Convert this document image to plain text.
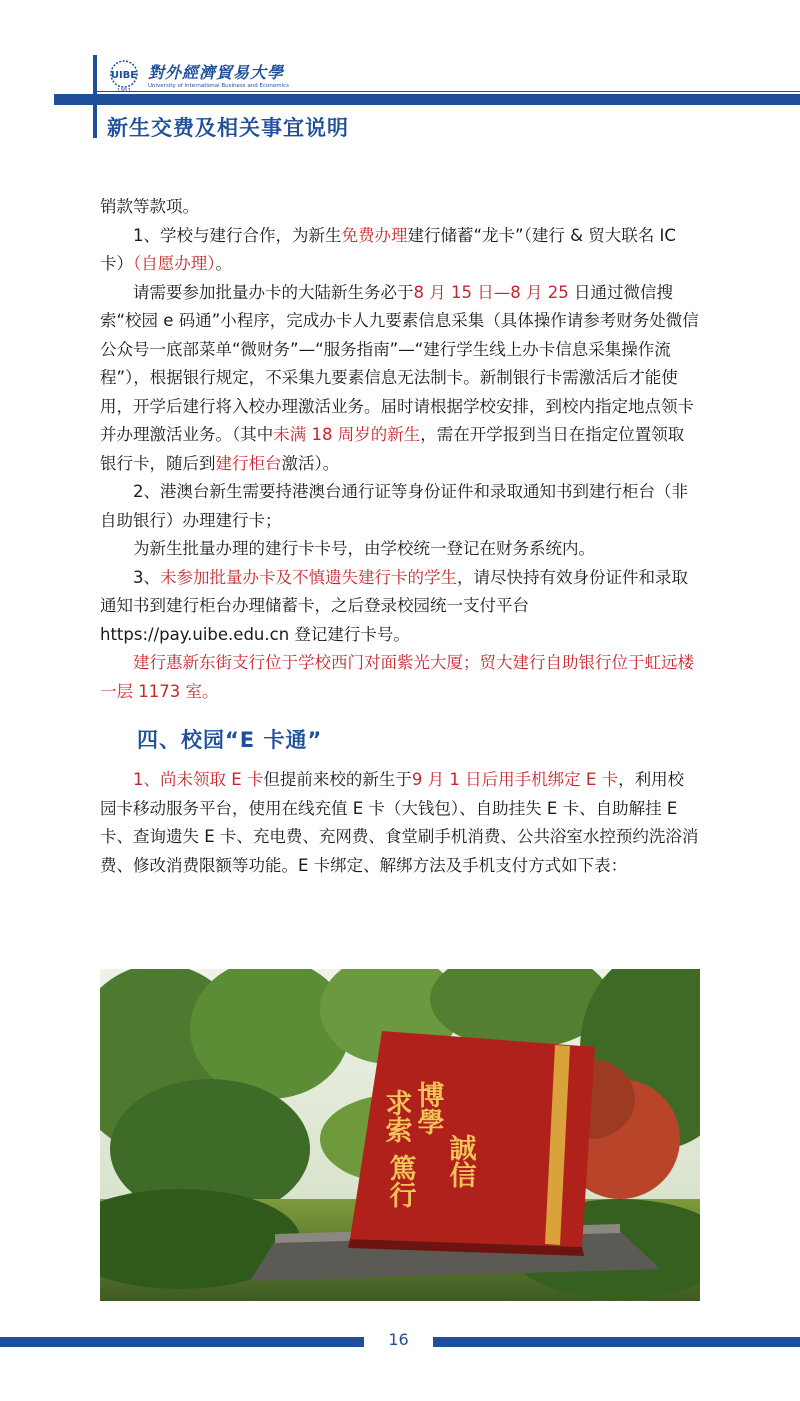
UIBE 對外經濟貿易大學
University of International Business and Economics
新生交费及相关事宜说明

销款等款项。

1、学校与建行合作，为新生免费办理建行储蓄“龙卡”（建行 & 贸大联名 IC 卡）（自愿办理）。

请需要参加批量办卡的大陆新生务必于8 月 15 日—8 月 25 日通过微信搜索“校园 e 码通”小程序，完成办卡人九要素信息采集（具体操作请参考财务处微信公众号一底部菜单“微财务”—“服务指南”—“建行学生线上办卡信息采集操作流程”），根据银行规定，不采集九要素信息无法制卡。新制银行卡需激活后才能使用，开学后建行将入校办理激活业务。届时请根据学校安排，到校内指定地点领卡并办理激活业务。（其中未满 18 周岁的新生，需在开学报到当日在指定位置领取银行卡，随后到建行柜台激活）。

2、港澳台新生需要持港澳台通行证等身份证件和录取通知书到建行柜台（非自助银行）办理建行卡；

为新生批量办理的建行卡卡号，由学校统一登记在财务系统内。

3、未参加批量办卡及不慎遗失建行卡的学生，请尽快持有效身份证件和录取通知书到建行柜台办理储蓄卡，之后登录校园统一支付平台 https://pay.uibe.edu.cn 登记建行卡号。

建行惠新东街支行位于学校西门对面紫光大厦；贸大建行自助银行位于虹远楼一层 1173 室。

四、校园“E 卡通”

1、尚未领取 E 卡但提前来校的新生于9 月 1 日后用手机绑定 E 卡，利用校园卡移动服务平台，使用在线充值 E 卡（大钱包）、自助挂失 E 卡、自助解挂 E 卡、查询遗失 E 卡、充电费、充网费、食堂刷手机消费、公共浴室水控预约洗浴消费、修改消费限额等功能。E 卡绑定、解绑方法及手机支付方式如下表：

博學
誠信
求索
篤行
16
